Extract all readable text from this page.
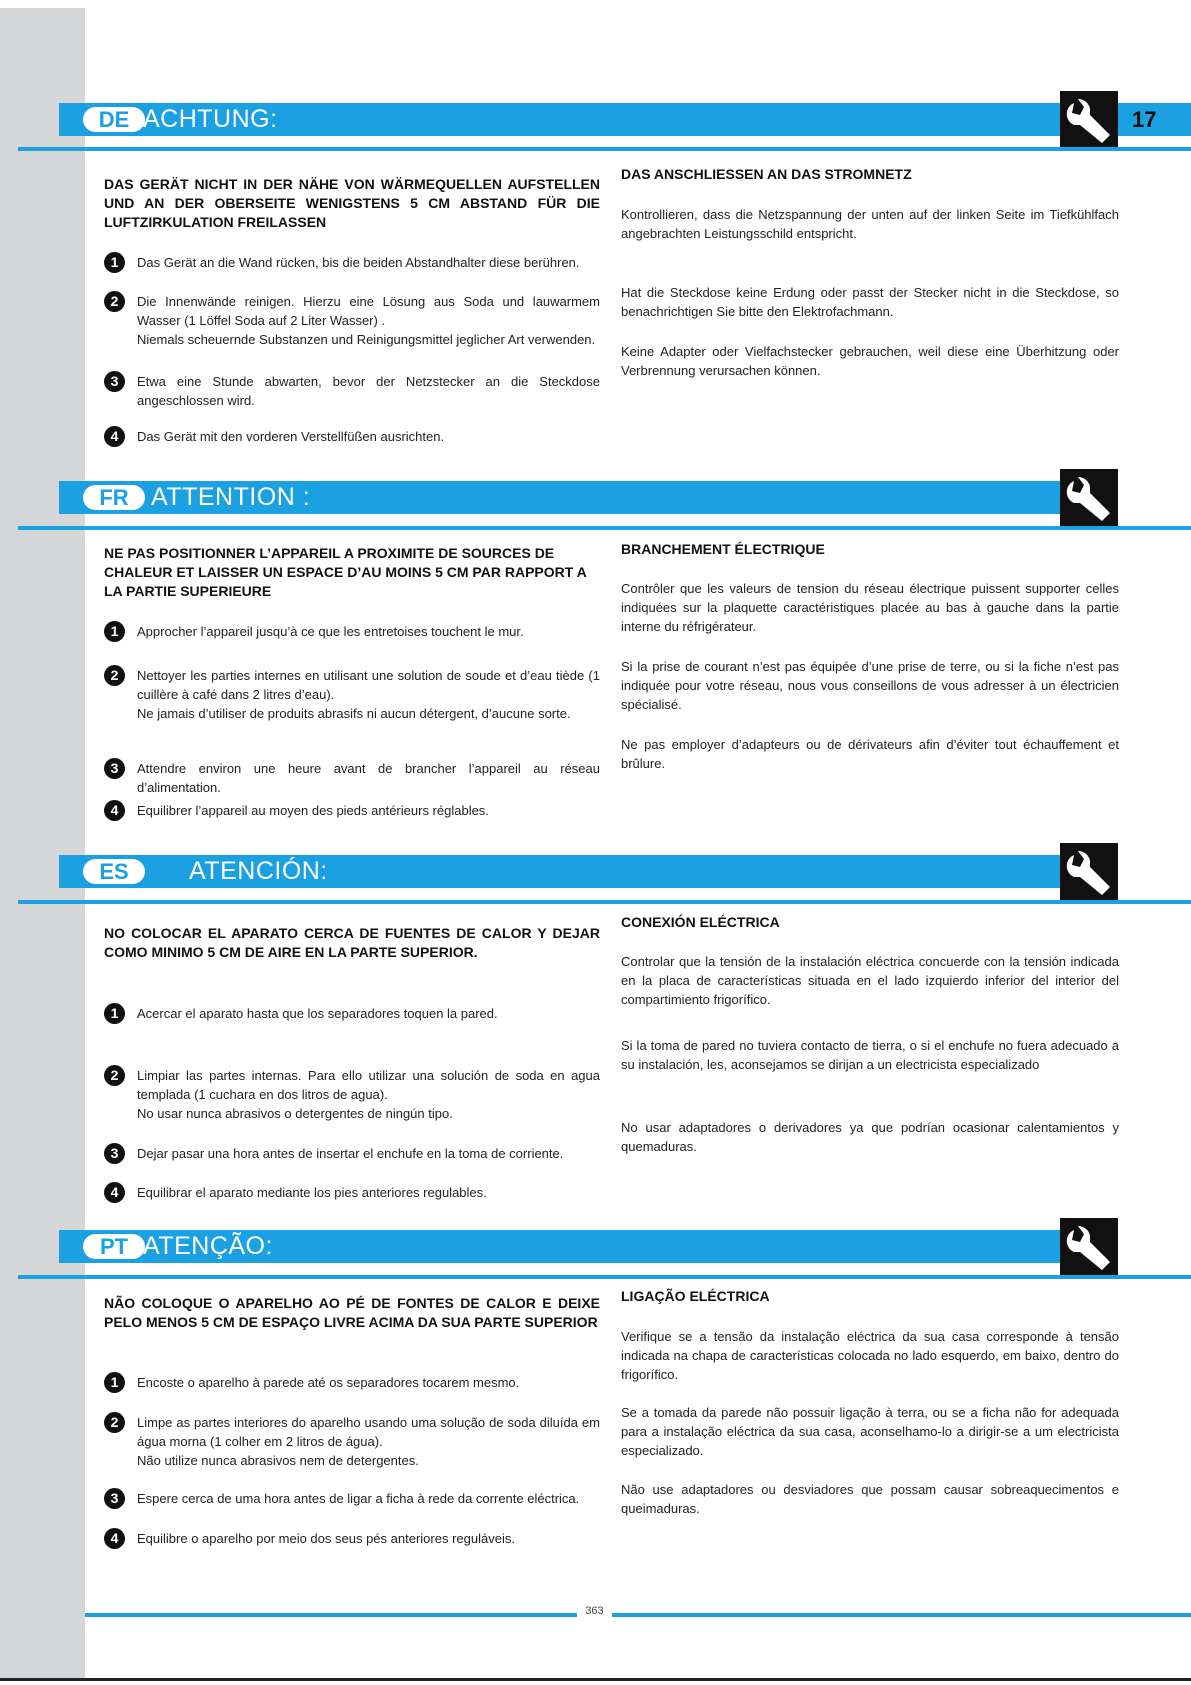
DE ACHTUNG:	17
DAS GERÄT NICHT IN DER NÄHE VON WÄRMEQUELLEN AUFSTELLEN UND AN DER OBERSEITE WENIGSTENS 5 CM ABSTAND FÜR DIE LUFTZIRKULATION FREILASSEN
1	Das Gerät an die Wand rücken, bis die beiden Abstandhalter diese berühren.
2	Die Innenwände reinigen. Hierzu eine Lösung aus Soda und lauwarmem Wasser (1 Löffel Soda auf 2 Liter Wasser) .
Niemals scheuernde Substanzen und Reinigungsmittel jeglicher Art verwenden.
3	Etwa eine Stunde abwarten, bevor der Netzstecker an die Steckdose angeschlossen wird.
4	Das Gerät mit den vorderen Verstellfüßen ausrichten.
DAS ANSCHLIESSEN AN DAS STROMNETZ
Kontrollieren, dass die Netzspannung der unten auf der linken Seite im Tiefkühlfach angebrachten Leistungsschild entspricht.
Hat die Steckdose keine Erdung oder passt der Stecker nicht in die Steckdose, so benachrichtigen Sie bitte den Elektrofachmann.
Keine Adapter oder Vielfachstecker gebrauchen, weil diese eine Überhitzung oder Verbrennung verursachen können.
FR ATTENTION :
NE PAS POSITIONNER L’APPAREIL A PROXIMITE DE SOURCES DE CHALEUR ET LAISSER UN ESPACE D’AU MOINS 5 CM PAR RAPPORT A LA PARTIE SUPERIEURE
1	Approcher l’appareil jusqu’à ce que les entretoises touchent le mur.
2	Nettoyer les parties internes en utilisant une solution de soude et d’eau tiède (1 cuillère à café dans 2 litres d’eau).
Ne jamais d’utiliser de produits abrasifs ni aucun détergent, d’aucune sorte.
3	Attendre environ une heure avant de brancher l’appareil au réseau d’alimentation.
4	Equilibrer l’appareil au moyen des pieds antérieurs réglables.
BRANCHEMENT ÉLECTRIQUE
Contrôler que les valeurs de tension du réseau électrique puissent supporter celles indiquées sur la plaquette caractéristiques placée au bas à gauche dans la partie interne du réfrigérateur.
Si la prise de courant n’est pas équipée d’une prise de terre, ou si la fiche n’est pas indiquée pour votre réseau, nous vous conseillons de vous adresser à un électricien spécialisé.
Ne pas employer d’adapteurs ou de dérivateurs afin d’éviter tout échauffement et brûlure.
ES	ATENCIÓN:
NO COLOCAR EL APARATO CERCA DE FUENTES DE CALOR Y DEJAR COMO MINIMO 5 CM DE AIRE EN LA PARTE SUPERIOR.
1	Acercar el aparato hasta que los separadores toquen la pared.
2	Limpiar las partes internas. Para ello utilizar una solución de soda en agua templada (1 cuchara en dos litros de agua).
No usar nunca abrasivos o detergentes de ningún tipo.
3	Dejar pasar una hora antes de insertar el enchufe en la toma de corriente.
4	Equilibrar el aparato mediante los pies anteriores regulables.
CONEXIÓN ELÉCTRICA
Controlar que la tensión de la instalación eléctrica concuerde con la tensión indicada en la placa de características situada en el lado izquierdo inferior del interior del compartimiento frigorífico.
Si la toma de pared no tuviera contacto de tierra, o si el enchufe no fuera adecuado a su instalación, les, aconsejamos se dirijan a un electricista especializado
No usar adaptadores o derivadores ya que podrían ocasionar calentamientos y quemaduras.
PT ATENÇÃO:
NÃO COLOQUE O APARELHO AO PÉ DE FONTES DE CALOR E DEIXE PELO MENOS 5 CM DE ESPAÇO LIVRE ACIMA DA SUA PARTE SUPERIOR
1	Encoste o aparelho à parede até os separadores tocarem mesmo.
2	Limpe as partes interiores do aparelho usando uma solução de soda diluída em água morna (1 colher em 2 litros de água).
Não utilize nunca abrasivos nem de detergentes.
3	Espere cerca de uma hora antes de ligar a ficha à rede da corrente eléctrica.
4	Equilibre o aparelho por meio dos seus pés anteriores reguláveis.
LIGAÇÃO ELÉCTRICA
Verifique se a tensão da instalação eléctrica da sua casa corresponde à tensão indicada na chapa de características colocada no lado esquerdo, em baixo, dentro do frigorífico.
Se a tomada da parede não possuir ligação à terra, ou se a ficha não for adequada para a instalação eléctrica da sua casa, aconselhamo-lo a dirigir-se a um electricista especializado.
Não use adaptadores ou desviadores que possam causar sobreaquecimentos e queimaduras.
363
